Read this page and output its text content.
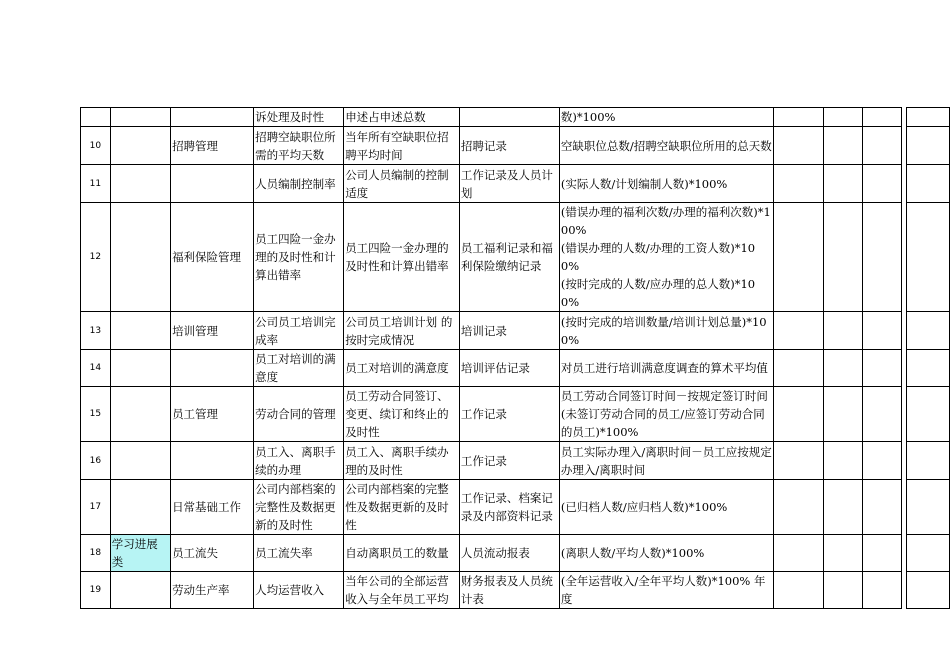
			诉处理及时性	申述占申述总数		数)*100%					
10		招聘管理	招聘空缺职位所需的平均天数	当年所有空缺职位招聘平均时间	招聘记录	空缺职位总数/招聘空缺职位所用的总天数					
11			人员编制控制率	公司人员编制的控制适度	工作记录及人员计划	(实际人数/计划编制人数)*100%					
12		福利保险管理	员工四险一金办理的及时性和计算出错率	员工四险一金办理的及时性和计算出错率	员工福利记录和福利保险缴纳记录	(错误办理的福利次数/办理的福利次数)*100%
(错误办理的人数/办理的工资人数)*100%
(按时完成的人数/应办理的总人数)*100%					

13		培训管理	公司员工培训完成率	公司员工培训计划 的按时完成情况	培训记录	(按时完成的培训数量/培训计划总量)*100%					
14			员工对培训的满意度	员工对培训的满意度	培训评估记录	对员工进行培训满意度调查的算术平均值					
15		员工管理	劳动合同的管理	员工劳动合同签订、变更、续订和终止的及时性	工作记录	员工劳动合同签订时间－按规定签订时间
(未签订劳动合同的员工/应签订劳动合同的员工)*100%					

16			员工入、离职手续的办理	员工入、离职手续办理的及时性	工作记录	员工实际办理入/离职时间－员工应按规定办理入/离职时间					
17		日常基础工作	公司内部档案的完整性及数据更新的及时性	公司内部档案的完整性及数据更新的及时性	工作记录、档案记录及内部资料记录	(已归档人数/应归档人数)*100%					
18	学习进展类	员工流失	员工流失率	自动离职员工的数量	人员流动报表	(离职人数/平均人数)*100%					
19		劳动生产率	人均运营收入	当年公司的全部运营收入与全年员工平均	财务报表及人员统计表	(全年运营收入/全年平均人数)*100% 年度					
